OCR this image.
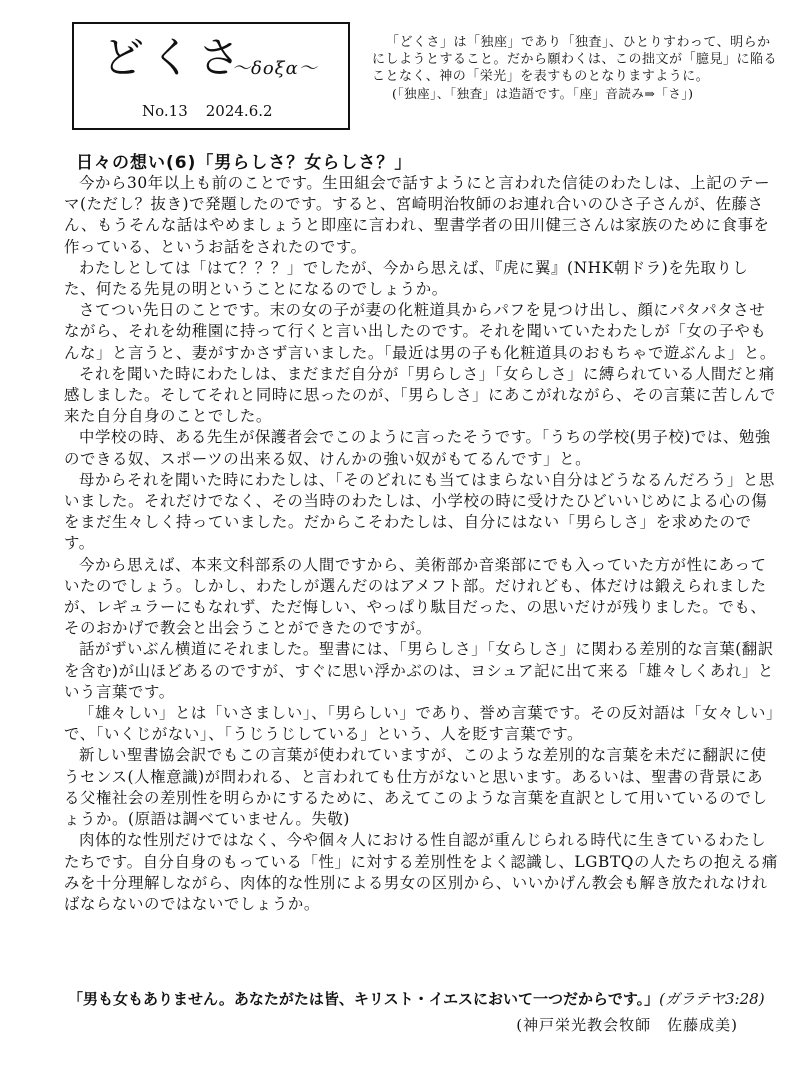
どくさ
〜δοξα〜
No.13 2024.6.2

「どくさ」は「独座」であり「独査」、ひとりすわって、明らかにしようとすること。だから願わくは、この拙文が「臆見」に陥ることなく、神の「栄光」を表すものとなりますように。

(「独座」、「独査」は造語です。「座」音読み⇒「さ」)

日々の想い(6)「男らしさ？女らしさ？」

今から30年以上も前のことです。生田組会で話すようにと言われた信徒のわたしは、上記のテーマ(ただし？抜き)で発題したのです。すると、宮崎明治牧師のお連れ合いのひさ子さんが、佐藤さん、もうそんな話はやめましょうと即座に言われ、聖書学者の田川健三さんは家族のために食事を作っている、というお話をされたのです。

わたしとしては「はて？？？」でしたが、今から思えば、『虎に翼』(NHK朝ドラ)を先取りした、何たる先見の明ということになるのでしょうか。

さてつい先日のことです。末の女の子が妻の化粧道具からパフを見つけ出し、顔にパタパタさせながら、それを幼稚園に持って行くと言い出したのです。それを聞いていたわたしが「女の子やもんな」と言うと、妻がすかさず言いました。「最近は男の子も化粧道具のおもちゃで遊ぶんよ」と。

それを聞いた時にわたしは、まだまだ自分が「男らしさ」「女らしさ」に縛られている人間だと痛感しました。そしてそれと同時に思ったのが、「男らしさ」にあこがれながら、その言葉に苦しんで来た自分自身のことでした。

中学校の時、ある先生が保護者会でこのように言ったそうです。「うちの学校(男子校)では、勉強のできる奴、スポーツの出来る奴、けんかの強い奴がもてるんです」と。

母からそれを聞いた時にわたしは、「そのどれにも当てはまらない自分はどうなるんだろう」と思いました。それだけでなく、その当時のわたしは、小学校の時に受けたひどいいじめによる心の傷をまだ生々しく持っていました。だからこそわたしは、自分にはない「男らしさ」を求めたのです。

今から思えば、本来文科部系の人間ですから、美術部か音楽部にでも入っていた方が性にあっていたのでしょう。しかし、わたしが選んだのはアメフト部。だけれども、体だけは鍛えられましたが、レギュラーにもなれず、ただ悔しい、やっぱり駄目だった、の思いだけが残りました。でも、そのおかげで教会と出会うことができたのですが。

話がずいぶん横道にそれました。聖書には、「男らしさ」「女らしさ」に関わる差別的な言葉(翻訳を含む)が山ほどあるのですが、すぐに思い浮かぶのは、ヨシュア記に出て来る「雄々しくあれ」という言葉です。

「雄々しい」とは「いさましい」、「男らしい」であり、誉め言葉です。その反対語は「女々しい」で、「いくじがない」、「うじうじしている」という、人を貶す言葉です。

新しい聖書協会訳でもこの言葉が使われていますが、このような差別的な言葉を未だに翻訳に使うセンス(人権意識)が問われる、と言われても仕方がないと思います。あるいは、聖書の背景にある父権社会の差別性を明らかにするために、あえてこのような言葉を直訳として用いているのでしょうか。(原語は調べていません。失敬)

肉体的な性別だけではなく、今や個々人における性自認が重んじられる時代に生きているわたしたちです。自分自身のもっている「性」に対する差別性をよく認識し、LGBTQの人たちの抱える痛みを十分理解しながら、肉体的な性別による男女の区別から、いいかげん教会も解き放たれなければならないのではないでしょうか。

「男も女もありません。あなたがたは皆、キリスト・イエスにおいて一つだからです。」(ガラテヤ3:28)
(神戸栄光教会牧師　佐藤成美)
